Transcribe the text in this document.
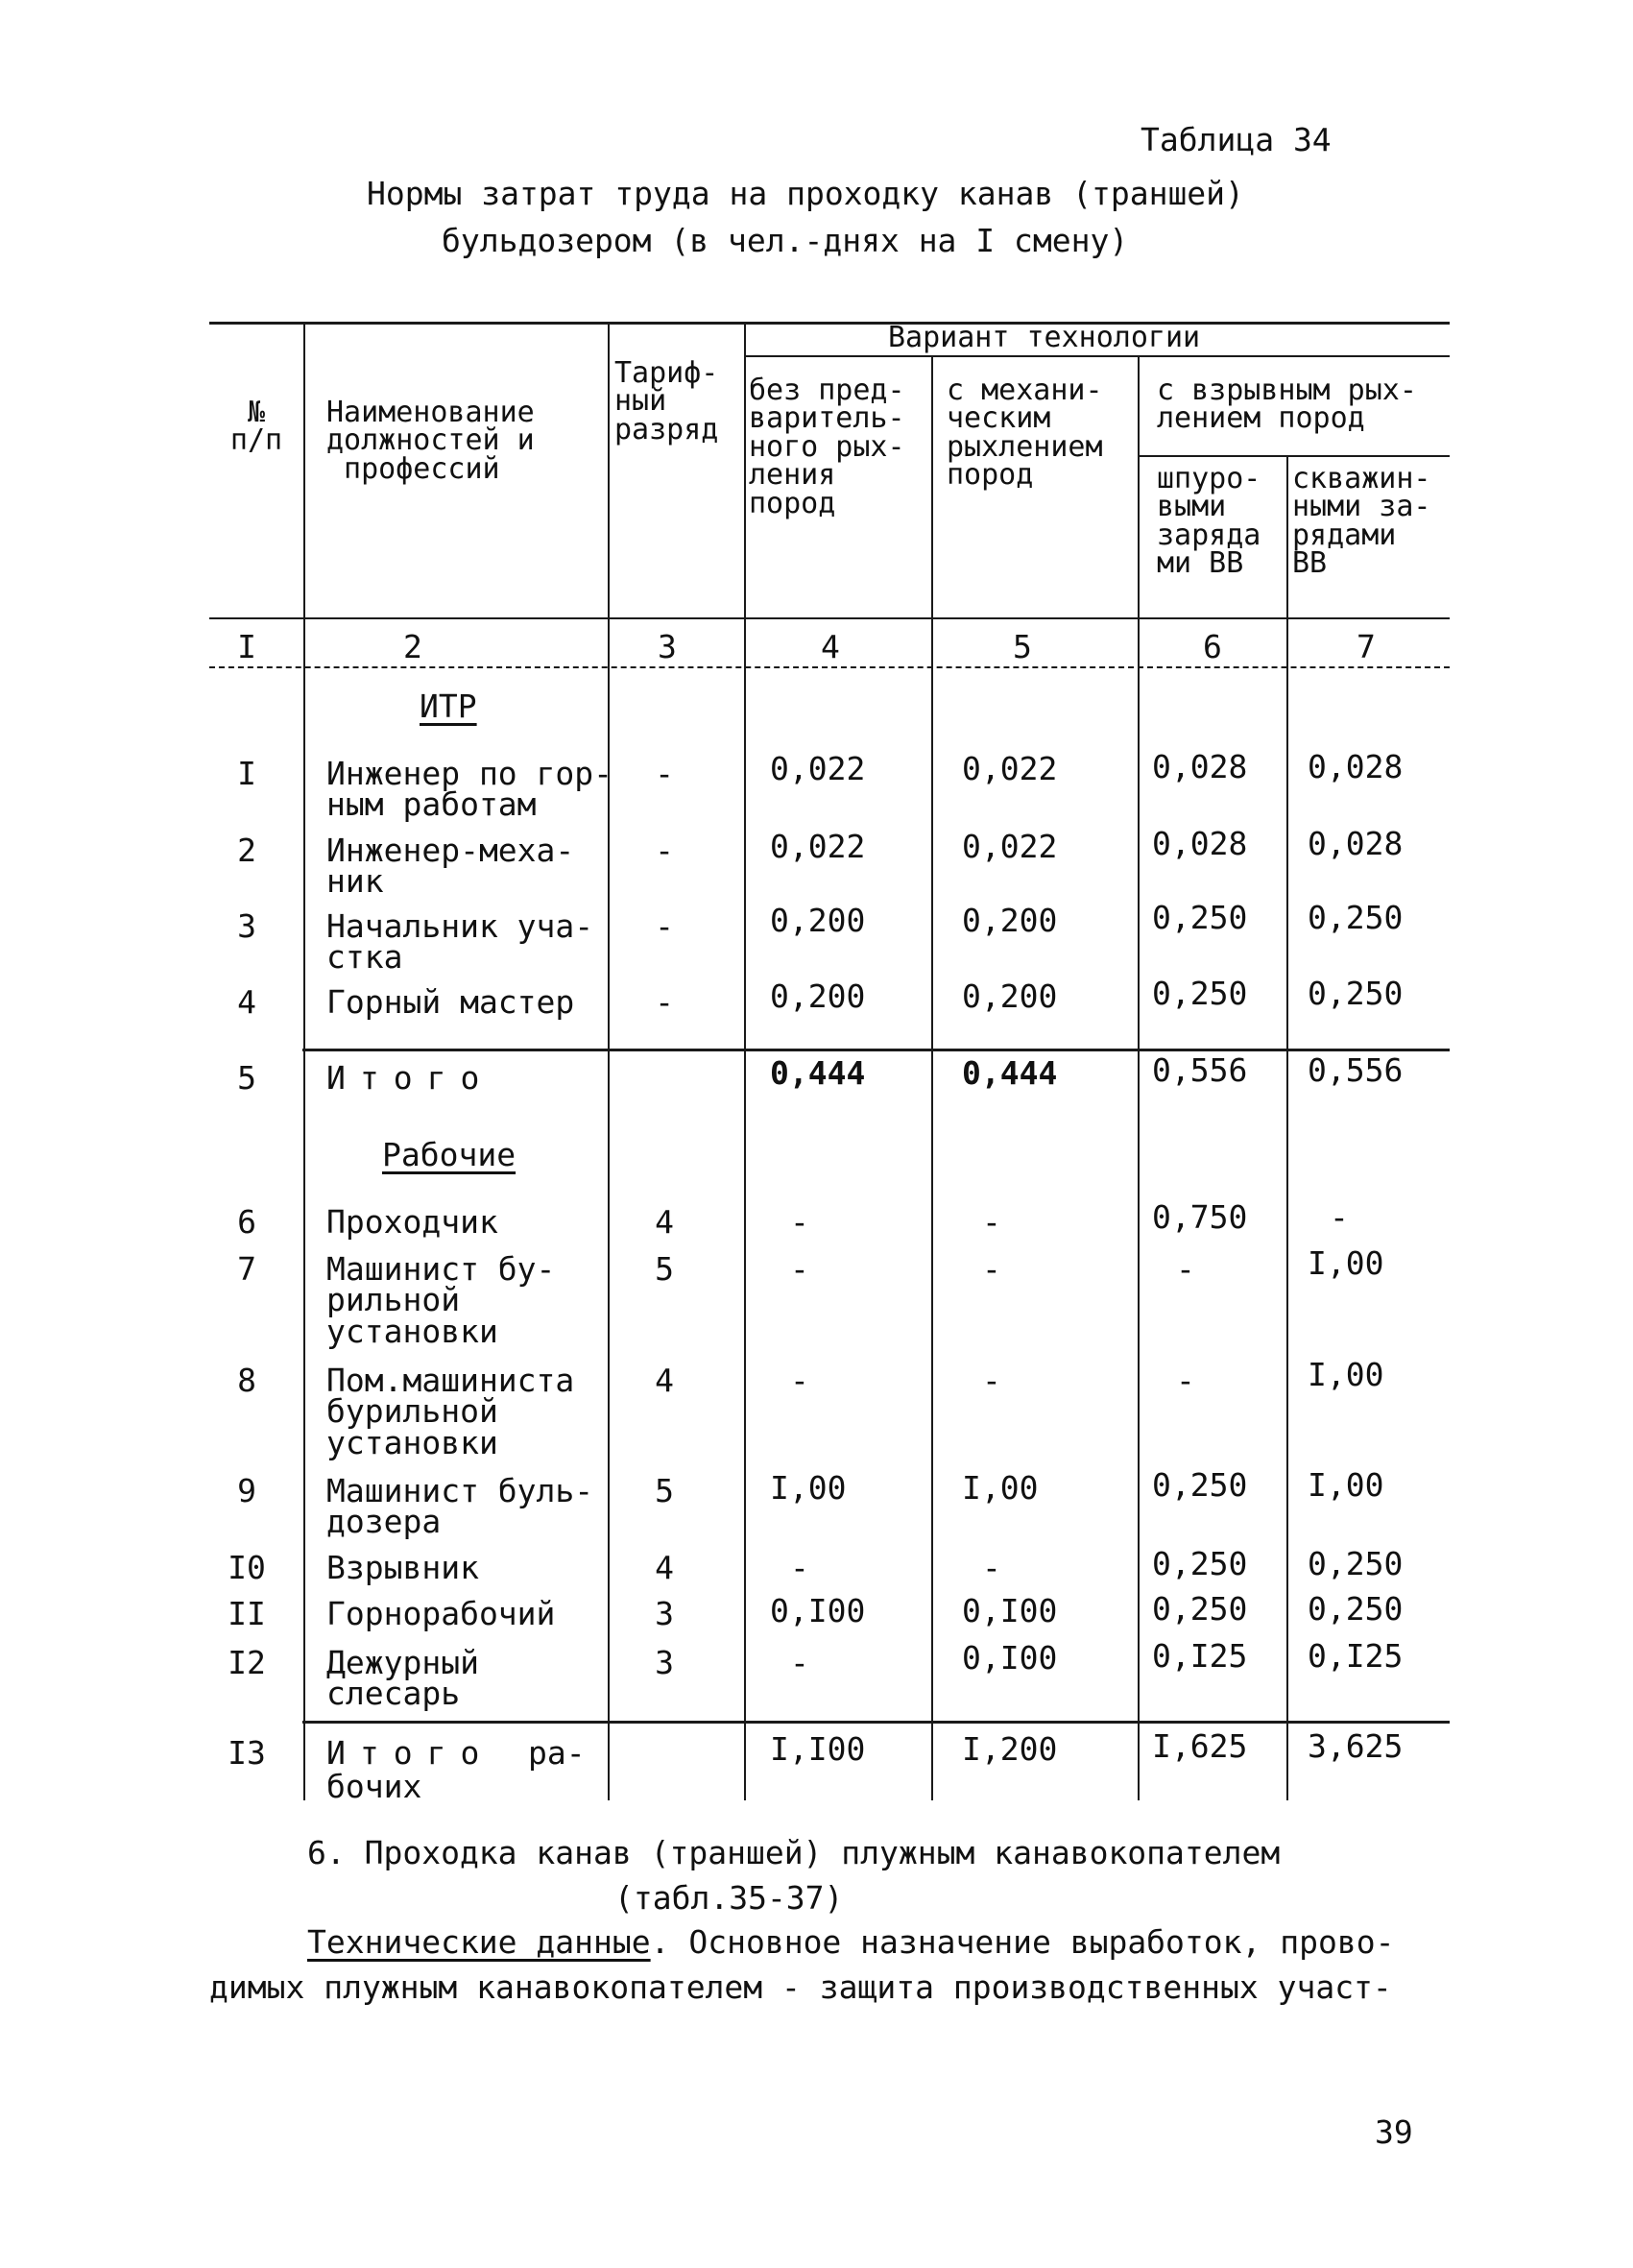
Таблица 34
Нормы затрат труда на проходку канав (траншей)
бульдозером (в чел.-днях на I смену)
№
п/п
Наименование
должностей и
профессий
Тариф-
ный
разряд
Вариант технологии
без пред-
варитель-
ного рых-
ления
пород
с механи-
ческим
рыхлением
пород
с взрывным рых-
лением пород
шпуро-
выми
заряда
ми ВВ
скважин-
ными за-
рядами
ВВ
I	2	3	4	5	6	7
ИТР
I	Инженер по гор-
ным работам
-	0,022	0,022	0,028 0,028
2	Инженер-меха-
ник
-	0,022	0,022	0,028 0,028
3	Начальник уча-
стка
-	0,200	0,200	0,250 0,250
4	Горный мастер	-	0,200	0,200	0,250 0,250
5	Итого	0,444	0,444	0,556 0,556
Рабочие
6	Проходчик	4	-	-	0,750	-
7	Машинист бу-
рильной
установки
5	-	-	-	I,00
8	Пом.машиниста
бурильной
установки
4	-	-	-	I,00
9	Машинист буль-
дозера
5	I,00	I,00	0,250 I,00
I0	Взрывник	4	-	-	0,250 0,250
II	Горнорабочий	3	0,I00	0,I00	0,250 0,250
I2	Дежурный
слесарь
3	-	0,I00	0,I25 0,I25
I3	Итого ра-
бочих
I,I00	I,200	I,625 3,625
6. Проходка канав (траншей) плужным канавокопателем
(табл.35-37)
Технические данные. Основное назначение выработок, прово-
димых плужным канавокопателем - защита производственных участ-
39
